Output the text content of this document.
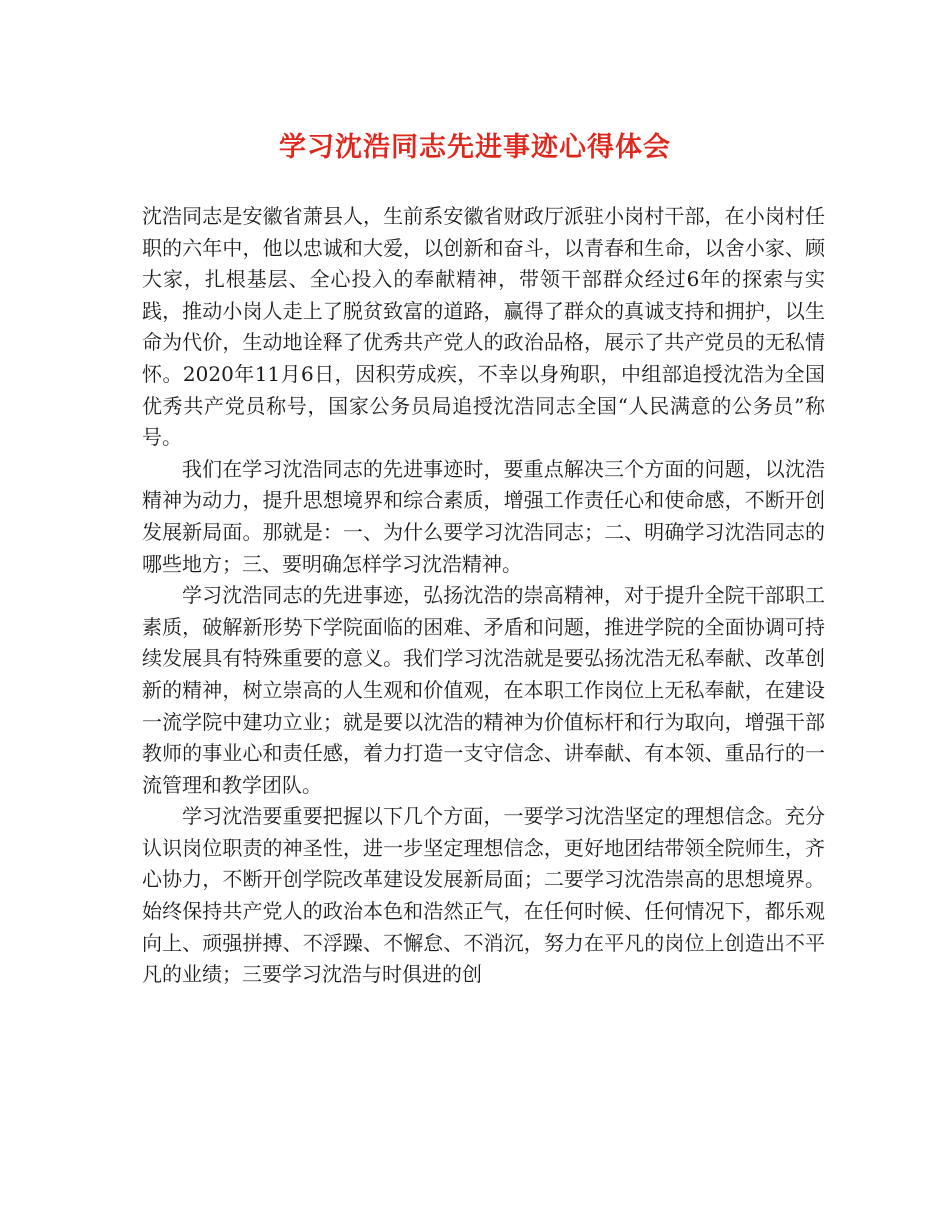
学习沈浩同志先进事迹心得体会

沈浩同志是安徽省萧县人，生前系安徽省财政厅派驻小岗村干部，在小岗村任职的六年中，他以忠诚和大爱，以创新和奋斗，以青春和生命，以舍小家、顾大家，扎根基层、全心投入的奉献精神，带领干部群众经过6年的探索与实践，推动小岗人走上了脱贫致富的道路，赢得了群众的真诚支持和拥护，以生命为代价，生动地诠释了优秀共产党人的政治品格，展示了共产党员的无私情怀。2020年11月6日，因积劳成疾，不幸以身殉职，中组部追授沈浩为全国优秀共产党员称号，国家公务员局追授沈浩同志全国“人民满意的公务员”称号。

我们在学习沈浩同志的先进事迹时，要重点解决三个方面的问题，以沈浩精神为动力，提升思想境界和综合素质，增强工作责任心和使命感，不断开创发展新局面。那就是：一、为什么要学习沈浩同志；二、明确学习沈浩同志的哪些地方；三、要明确怎样学习沈浩精神。

学习沈浩同志的先进事迹，弘扬沈浩的崇高精神，对于提升全院干部职工素质，破解新形势下学院面临的困难、矛盾和问题，推进学院的全面协调可持续发展具有特殊重要的意义。我们学习沈浩就是要弘扬沈浩无私奉献、改革创新的精神，树立崇高的人生观和价值观，在本职工作岗位上无私奉献，在建设一流学院中建功立业；就是要以沈浩的精神为价值标杆和行为取向，增强干部教师的事业心和责任感，着力打造一支守信念、讲奉献、有本领、重品行的一流管理和教学团队。

学习沈浩要重要把握以下几个方面，一要学习沈浩坚定的理想信念。充分认识岗位职责的神圣性，进一步坚定理想信念，更好地团结带领全院师生，齐心协力，不断开创学院改革建设发展新局面；二要学习沈浩崇高的思想境界。始终保持共产党人的政治本色和浩然正气，在任何时候、任何情况下，都乐观向上、顽强拼搏、不浮躁、不懈怠、不消沉，努力在平凡的岗位上创造出不平凡的业绩；三要学习沈浩与时俱进的创
